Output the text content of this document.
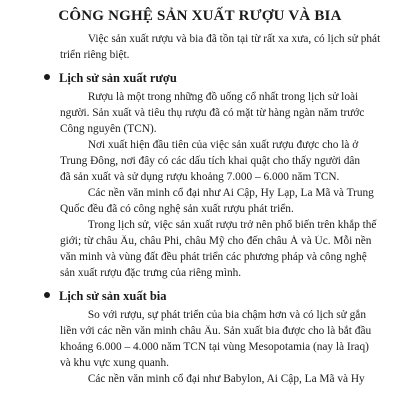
CÔNG NGHỆ SẢN XUẤT RƯỢU VÀ BIA

Việc sản xuất rượu và bia đã tồn tại từ rất xa xưa, có lịch sử phát
triển riêng biệt.

Lịch sử sản xuất rượu

Rượu là một trong những đồ uống cổ nhất trong lịch sử loài
người. Sản xuất và tiêu thụ rượu đã có mặt từ hàng ngàn năm trước
Công nguyên (TCN).

Nơi xuất hiện đầu tiên của việc sản xuất rượu được cho là ở
Trung Đông, nơi đây có các dấu tích khai quật cho thấy người dân
đã sản xuất và sử dụng rượu khoảng 7.000 – 6.000 năm TCN.

Các nền văn minh cổ đại như Ai Cập, Hy Lạp, La Mã và Trung
Quốc đều đã có công nghệ sản xuất rượu phát triển.

Trong lịch sử, việc sản xuất rượu trở nên phổ biến trên khắp thế
giới; từ châu Âu, châu Phi, châu Mỹ cho đến châu Á và Úc. Mỗi nền
văn minh và vùng đất đều phát triển các phương pháp và công nghệ
sản xuất rượu đặc trưng của riêng mình.

Lịch sử sản xuất bia

So với rượu, sự phát triển của bia chậm hơn và có lịch sử gắn
liền với các nền văn minh châu Âu. Sản xuất bia được cho là bắt đầu
khoảng 6.000 – 4.000 năm TCN tại vùng Mesopotamia (nay là Iraq)
và khu vực xung quanh.

Các nền văn minh cổ đại như Babylon, Ai Cập, La Mã và Hy
